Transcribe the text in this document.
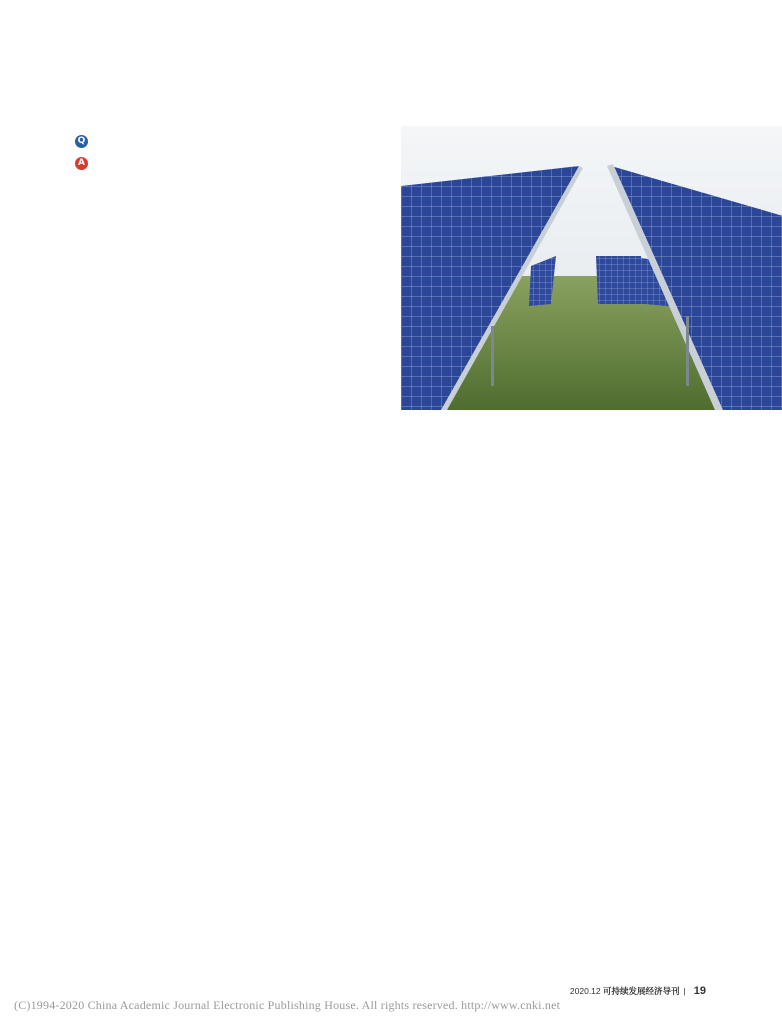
Q

A

2020.12 可持续发展经济导刊 | 19
(C)1994-2020 China Academic Journal Electronic Publishing House. All rights reserved. http://www.cnki.net
